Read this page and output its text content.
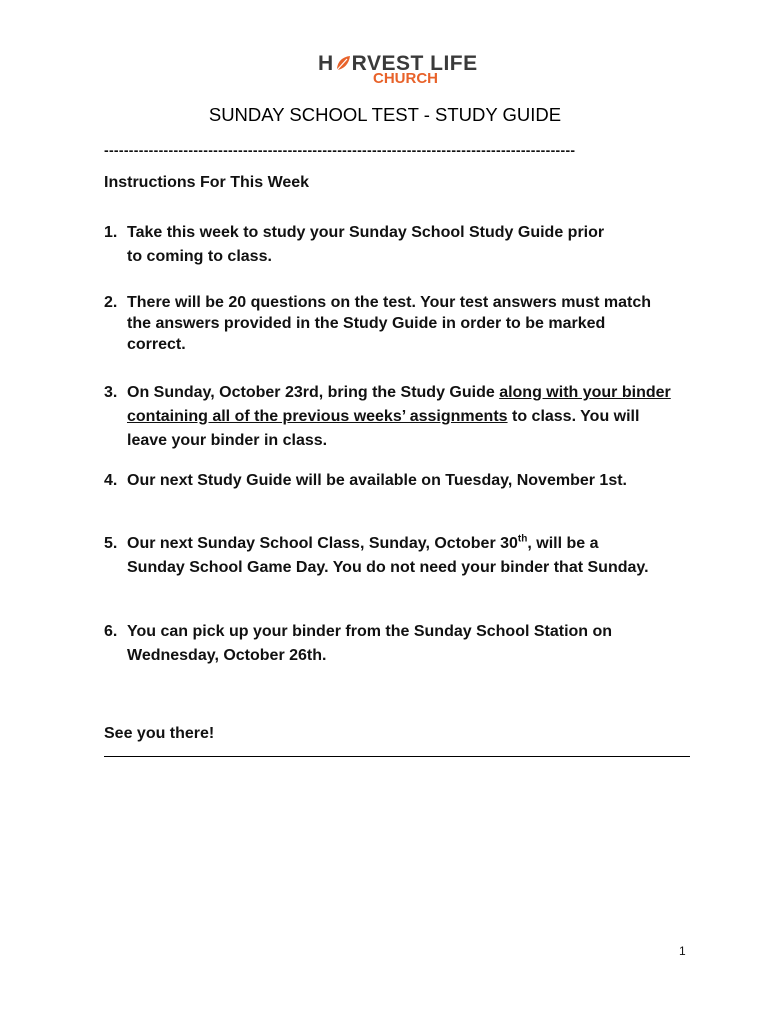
H RVEST LIFE
CHURCH
SUNDAY SCHOOL TEST - STUDY GUIDE
-----------------------------------------------------------------------------------------------
Instructions For This Week
1. Take this week to study your Sunday School Study Guide prior to coming to class.
2. There will be 20 questions on the test. Your test answers must match the answers provided in the Study Guide in order to be marked correct.
3. On Sunday, October 23rd, bring the Study Guide along with your binder containing all of the previous weeks’ assignments to class. You will leave your binder in class.
4. Our next Study Guide will be available on Tuesday, November 1st.
5. Our next Sunday School Class, Sunday, October 30th, will be a Sunday School Game Day. You do not need your binder that Sunday.
6. You can pick up your binder from the Sunday School Station on Wednesday, October 26th.
See you there!
1
